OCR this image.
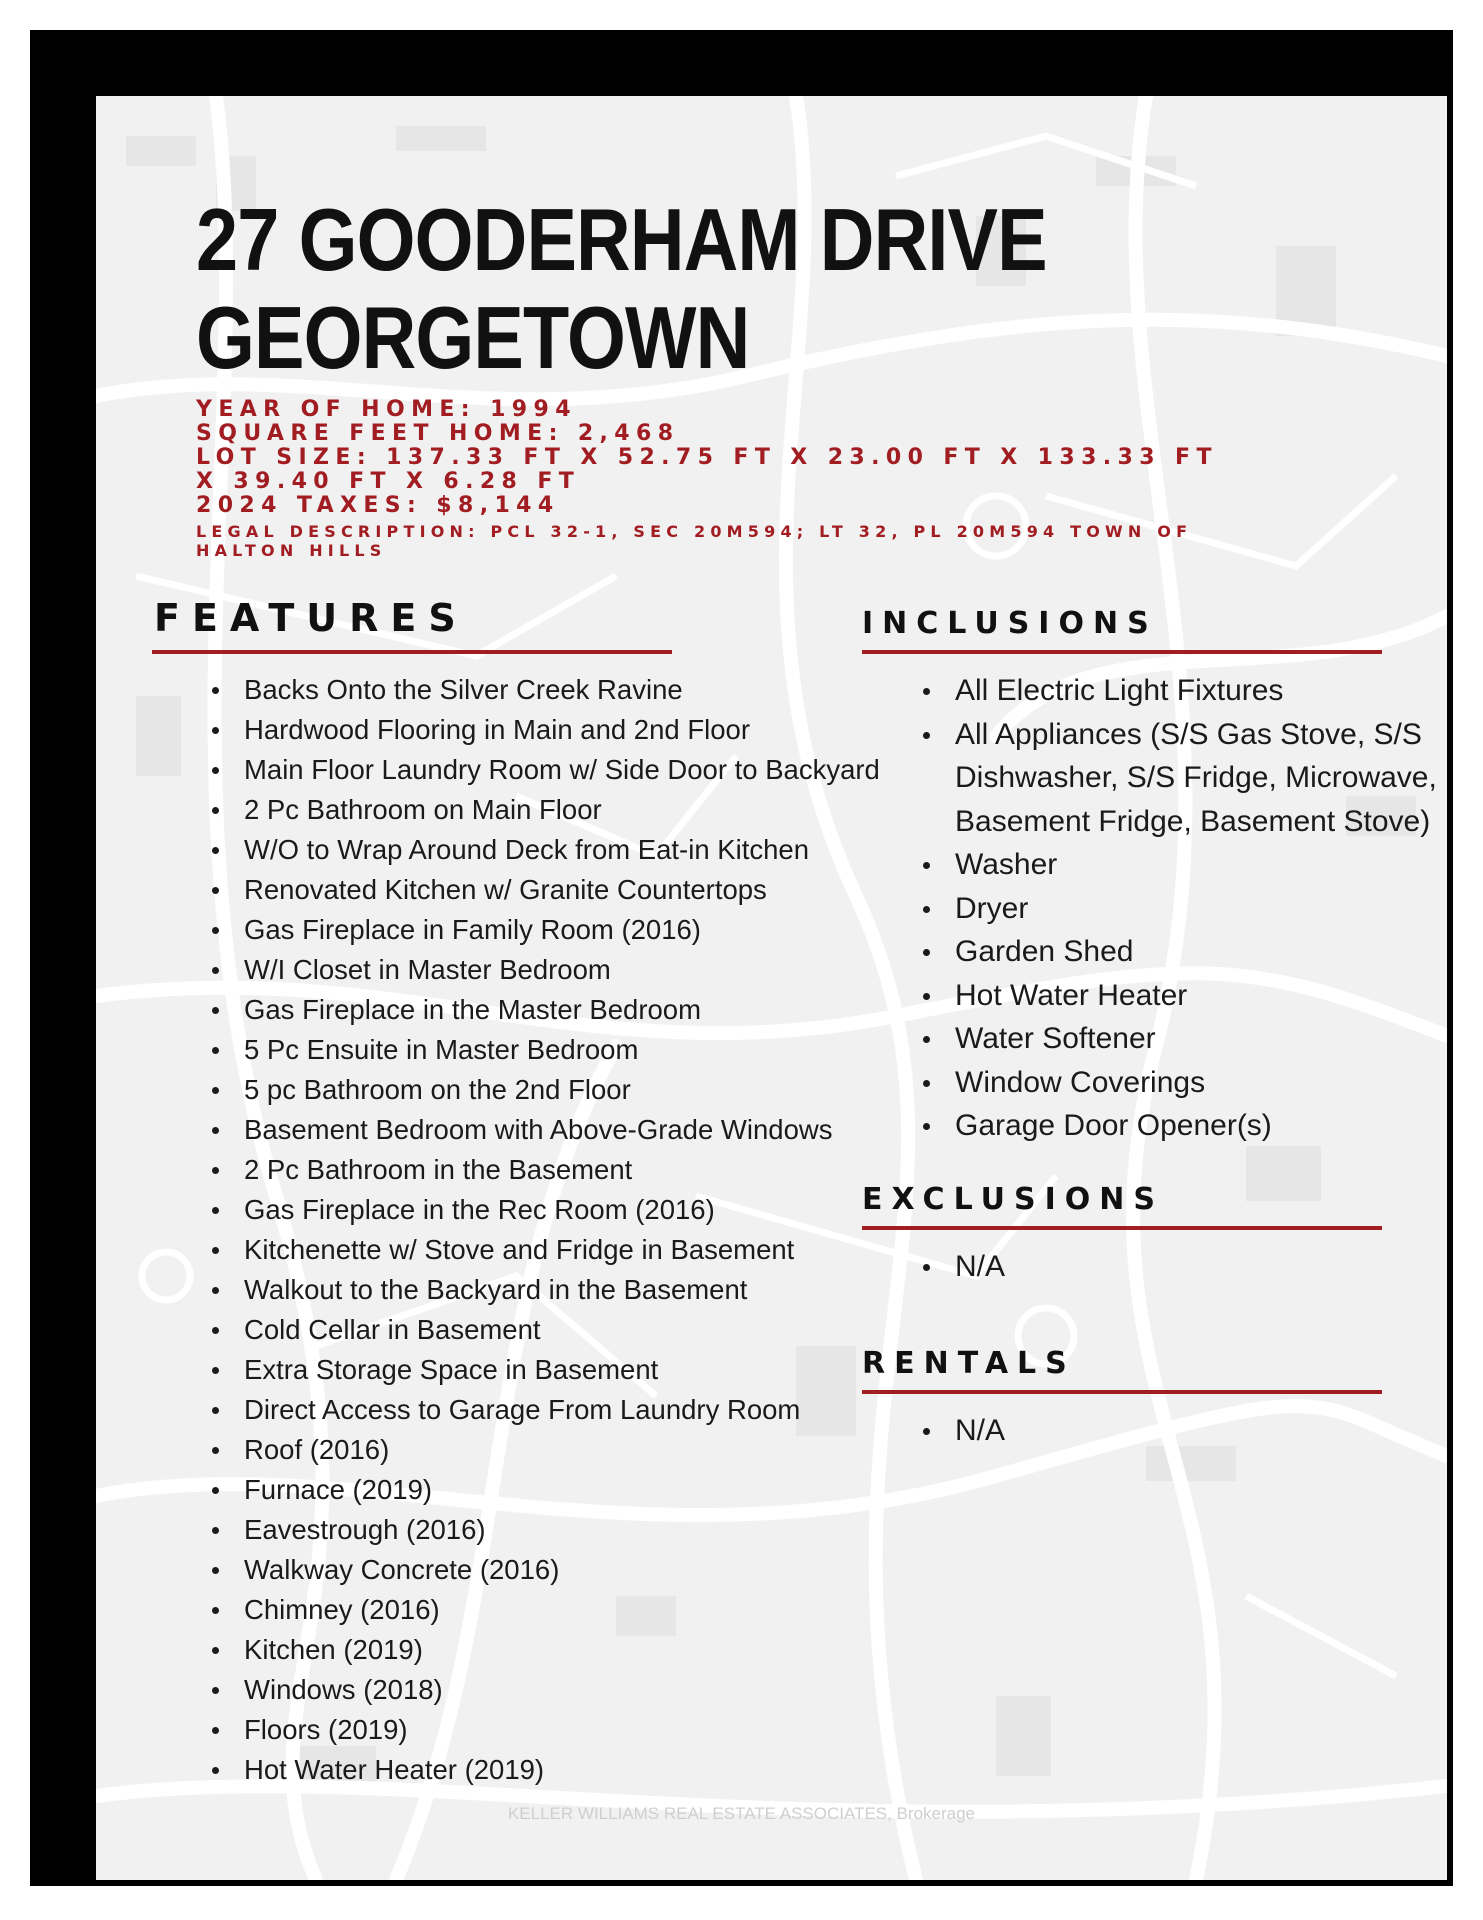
27 GOODERHAM DRIVE
GEORGETOWN
YEAR OF HOME: 1994
SQUARE FEET HOME: 2,468
LOT SIZE: 137.33 FT X 52.75 FT X 23.00 FT X 133.33 FT
X 39.40 FT X 6.28 FT
2024 TAXES: $8,144
LEGAL DESCRIPTION: PCL 32-1, SEC 20M594; LT 32, PL 20M594 TOWN OF
HALTON HILLS
FEATURES
Backs Onto the Silver Creek Ravine
Hardwood Flooring in Main and 2nd Floor
Main Floor Laundry Room w/ Side Door to Backyard
2 Pc Bathroom on Main Floor
W/O to Wrap Around Deck from Eat-in Kitchen
Renovated Kitchen w/ Granite Countertops
Gas Fireplace in Family Room (2016)
W/I Closet in Master Bedroom
Gas Fireplace in the Master Bedroom
5 Pc Ensuite in Master Bedroom
5 pc Bathroom on the 2nd Floor
Basement Bedroom with Above-Grade Windows
2 Pc Bathroom in the Basement
Gas Fireplace in the Rec Room (2016)
Kitchenette w/ Stove and Fridge in Basement
Walkout to the Backyard in the Basement
Cold Cellar in Basement
Extra Storage Space in Basement
Direct Access to Garage From Laundry Room
Roof (2016)
Furnace (2019)
Eavestrough (2016)
Walkway Concrete (2016)
Chimney (2016)
Kitchen (2019)
Windows (2018)
Floors (2019)
Hot Water Heater (2019)
INCLUSIONS
All Electric Light Fixtures
All Appliances (S/S Gas Stove, S/S Dishwasher, S/S Fridge, Microwave, Basement Fridge, Basement Stove)
Washer
Dryer
Garden Shed
Hot Water Heater
Water Softener
Window Coverings
Garage Door Opener(s)
EXCLUSIONS
N/A
RENTALS
N/A
KELLER WILLIAMS REAL ESTATE ASSOCIATES, Brokerage
